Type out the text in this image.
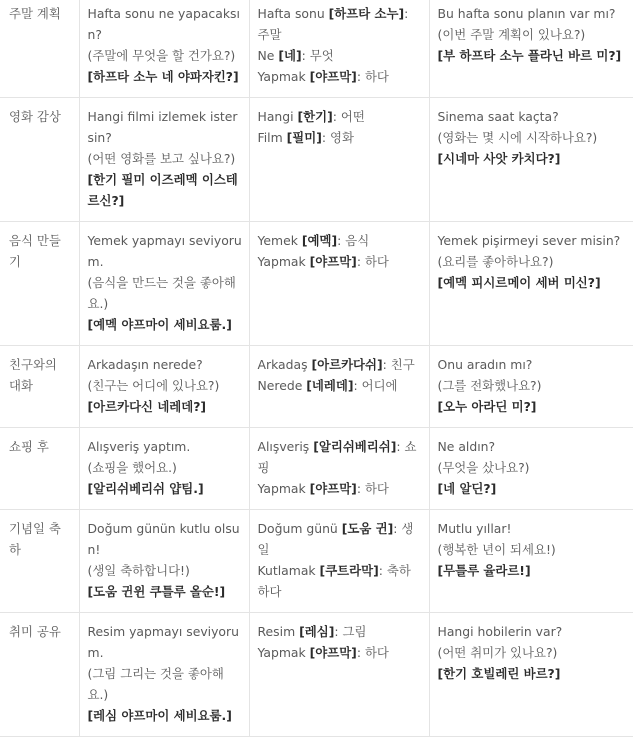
주말 계획	Hafta sonu ne yapacaksın?
(주말에 무엇을 할 건가요?)
[하프타 소누 네 야파자킨?]	Hafta sonu [하프타 소누]: 주말
Ne [네]: 무엇
Yapmak [야프막]: 하다	Bu hafta sonu planın var mı?
(이번 주말 계획이 있나요?)
[부 하프타 소누 플라닌 바르 미?]

영화 감상	Hangi filmi izlemek istersin?
(어떤 영화를 보고 싶나요?)
[한기 필미 이즈레멕 이스테르신?]	Hangi [한기]: 어떤
Film [필미]: 영화	Sinema saat kaçta?
(영화는 몇 시에 시작하나요?)
[시네마 사앗 카치다?]

음식 만들기	Yemek yapmayı seviyorum.
(음식을 만드는 것을 좋아해요.)
[예멕 야프마이 세비요룸.]	Yemek [예멕]: 음식
Yapmak [야프막]: 하다	Yemek pişirmeyi sever misin?
(요리를 좋아하나요?)
[예멕 피시르메이 세버 미신?]

친구와의 대화	Arkadaşın nerede?
(친구는 어디에 있나요?)
[아르카다신 네레데?]	Arkadaş [아르카다쉬]: 친구
Nerede [네레데]: 어디에	Onu aradın mı?
(그를 전화했나요?)
[오누 아라딘 미?]

쇼핑 후	Alışveriş yaptım.
(쇼핑을 했어요.)
[알리쉬베리쉬 얍팀.]	Alışveriş [알리쉬베리쉬]: 쇼핑
Yapmak [야프막]: 하다	Ne aldın?
(무엇을 샀나요?)
[네 알딘?]

기념일 축하	Doğum günün kutlu olsun!
(생일 축하합니다!)
[도움 귄윈 쿠틀루 올순!]	Doğum günü [도움 귄]: 생일
Kutlamak [쿠트라막]: 축하하다	Mutlu yıllar!
(행복한 년이 되세요!)
[무틀루 율라르!]

취미 공유	Resim yapmayı seviyorum.
(그림 그리는 것을 좋아해요.)
[레심 야프마이 세비요룸.]	Resim [레심]: 그림
Yapmak [야프막]: 하다	Hangi hobilerin var?
(어떤 취미가 있나요?)
[한기 호빌레린 바르?]
